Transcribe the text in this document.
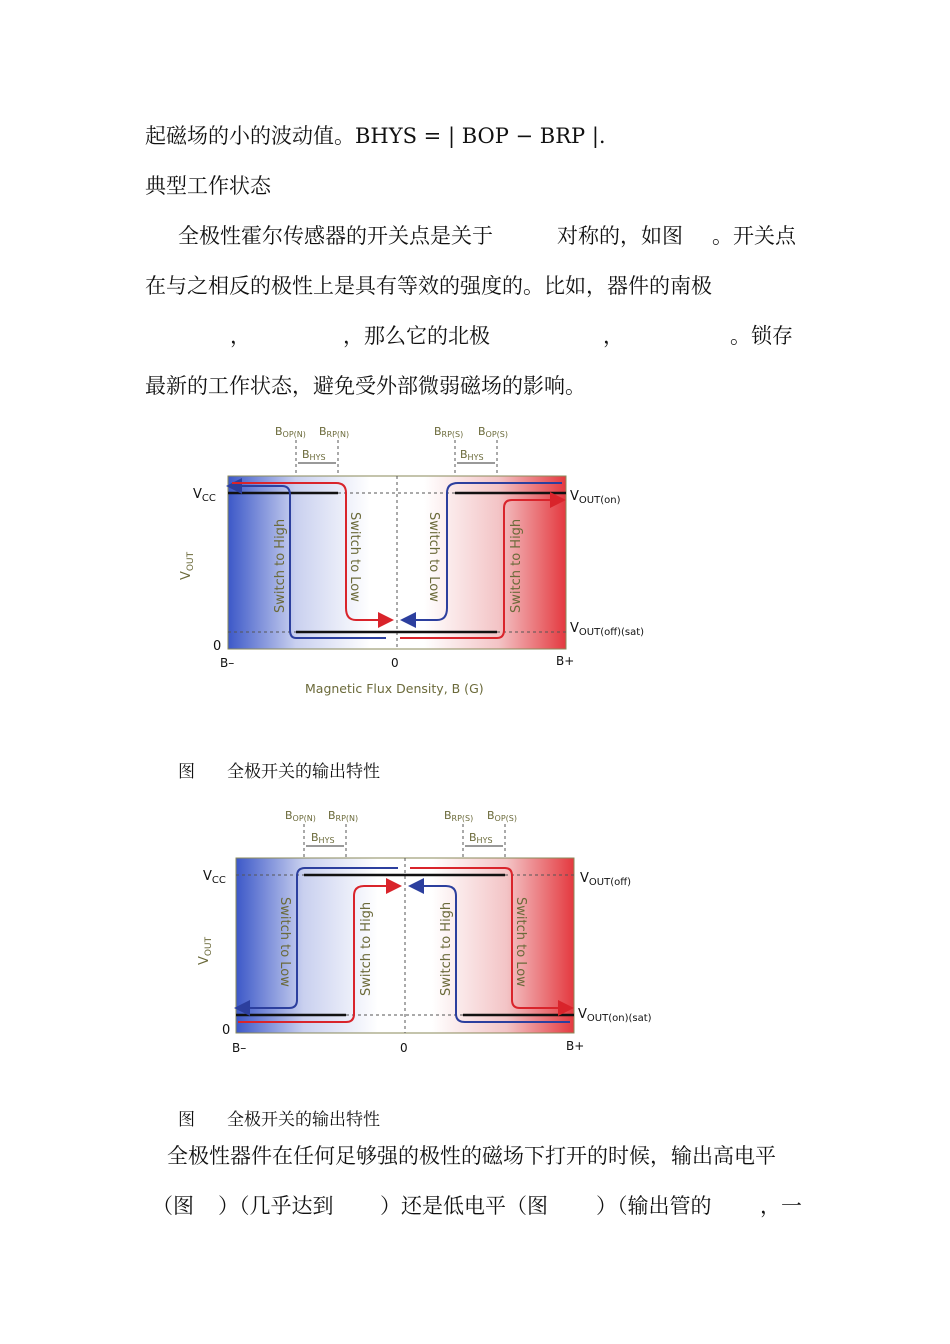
起磁场的小的波动值。BHYS = | BOP − BRP |.
典型工作状态
全极性霍尔传感器的开关点是关于	对称的，如图 。开关点
在与之相反的极性上是具有等效的强度的。比如，器件的南极
，	，那么它的北极	，	。锁存
最新的工作状态，避免受外部微弱磁场的影响。
BOP(N) BRP(N)	BRP(S) BOP(S)
BHYS	BHYS
$V_{CC}$
$V_{OUT}$
0
B–	0	B+
$V_{OUT(on)}$
$V_{OUT(off)(sat)}$
Switch to High	Switch to Low	Switch to Low	Switch to High
Magnetic Flux Density, B (G)
图 全极开关的输出特性
BOP(N) BRP(N)	BRP(S) BOP(S)
BHYS	BHYS
$V_{CC}$
$V_{OUT}$
0
B–	0	B+
$V_{OUT(off)}$
$V_{OUT(on)(sat)}$
Switch to Low	Switch to High	Switch to High	Switch to Low
图 全极开关的输出特性
全极性器件在任何足够强的极性的磁场下打开的时候，输出高电平
（图 ）（几乎达到 ）还是低电平（图 ）（输出管的 ，一
